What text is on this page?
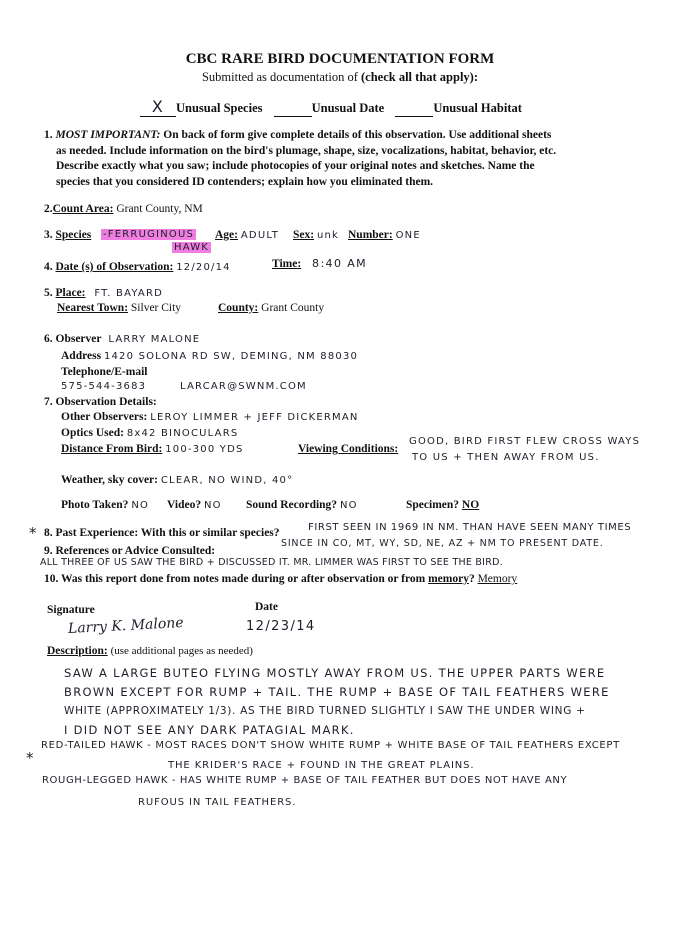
CBC RARE BIRD DOCUMENTATION FORM
Submitted as documentation of (check all that apply):
X Unusual Species	Unusual Date	Unusual Habitat
1. MOST IMPORTANT: On back of form give complete details of this observation. Use additional sheets
as needed. Include information on the bird's plumage, shape, size, vocalizations, habitat, behavior, etc.
Describe exactly what you saw; include photocopies of your original notes and sketches. Name the
species that you considered ID contenders; explain how you eliminated them.
2.Count Area: Grant County, NM
3. Species -FERRUGINOUS
HAWK
Age: ADULT Sex: unk Number: ONE
4. Date (s) of Observation: 12/20/14	Time: 8:40 AM
5. Place: FT. BAYARD
Nearest Town: Silver City	County: Grant County
6. Observer LARRY MALONE
Address 1420 SOLONA RD SW, DEMING, NM 88030
Telephone/E-mail
575-544-3683	LARCAR@SWNM.COM
7. Observation Details:
Other Observers: LEROY LIMMER + JEFF DICKERMAN
Optics Used: 8x42 BINOCULARS
Distance From Bird: 100-300 YDS	Viewing Conditions:
GOOD, BIRD FIRST FLEW CROSS WAYS
TO US + THEN AWAY FROM US.
Weather, sky cover: CLEAR, NO WIND, 40°
Photo Taken? NO Video? NO Sound Recording? NO	Specimen? NO
* 8. Past Experience: With this or similar species?	FIRST SEEN IN 1969 IN NM. THAN HAVE SEEN MANY TIMES
9. References or Advice Consulted:
SINCE IN CO, MT, WY, SD, NE, AZ + NM TO PRESENT DATE.
ALL THREE OF US SAW THE BIRD + DISCUSSED IT. MR. LIMMER WAS FIRST TO SEE THE BIRD.
10. Was this report done from notes made during or after observation or from memory? Memory
Signature
Larry K. Malone
Date
12/23/14
Description: (use additional pages as needed)
SAW A LARGE BUTEO FLYING MOSTLY AWAY FROM US. THE UPPER PARTS WERE
BROWN EXCEPT FOR RUMP + TAIL. THE RUMP + BASE OF TAIL FEATHERS WERE
WHITE (APPROXIMATELY 1/3). AS THE BIRD TURNED SLIGHTLY I SAW THE UNDER WING +
I DID NOT SEE ANY DARK PATAGIAL MARK.
*
RED-TAILED HAWK - MOST RACES DON'T SHOW WHITE RUMP + WHITE BASE OF TAIL FEATHERS EXCEPT
THE KRIDER'S RACE + FOUND IN THE GREAT PLAINS.
ROUGH-LEGGED HAWK - HAS WHITE RUMP + BASE OF TAIL FEATHER BUT DOES NOT HAVE ANY
RUFOUS IN TAIL FEATHERS.
